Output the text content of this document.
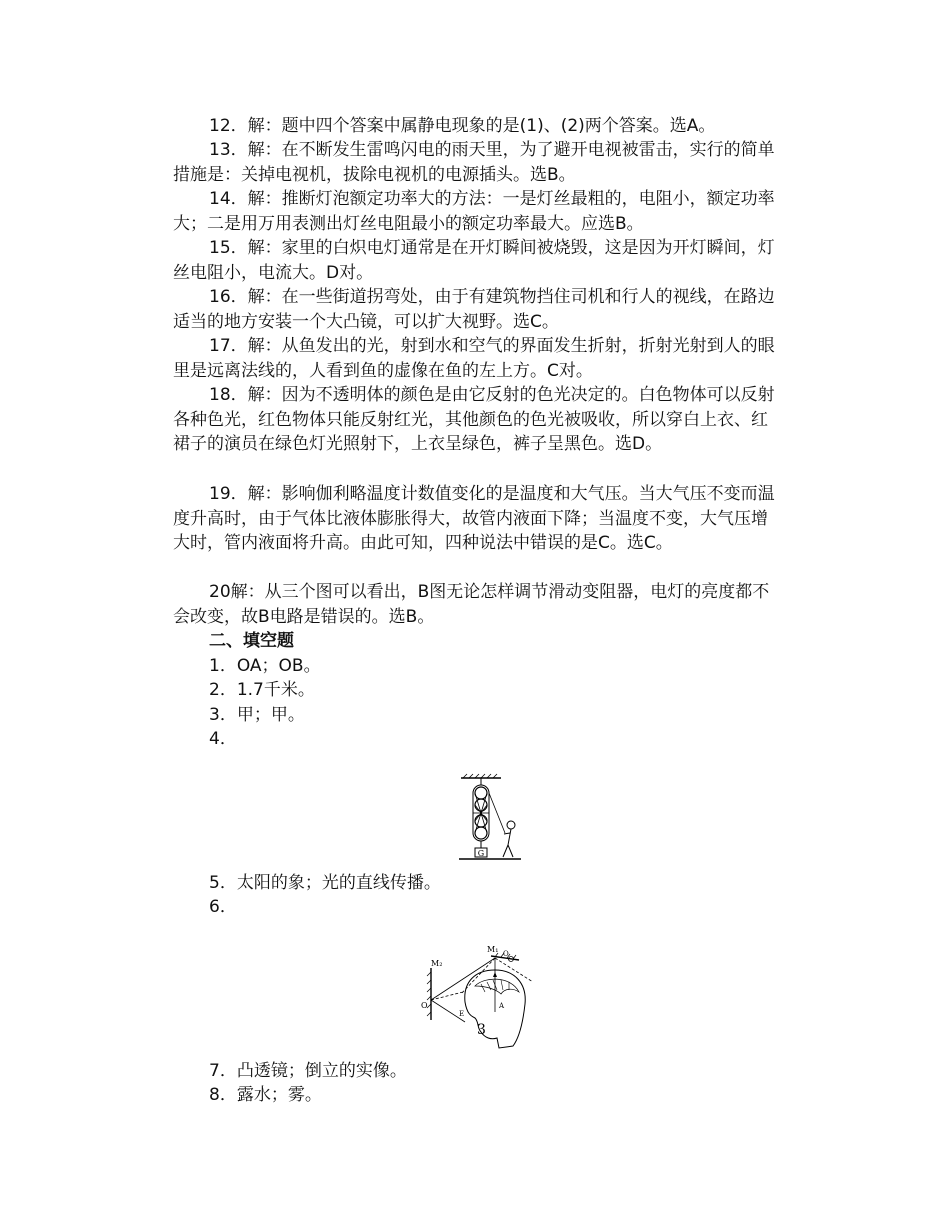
12．解：题中四个答案中属静电现象的是(1)、(2)两个答案。选A。

13．解：在不断发生雷鸣闪电的雨天里，为了避开电视被雷击，实行的简单措施是：关掉电视机，拔除电视机的电源插头。选B。

14．解：推断灯泡额定功率大的方法：一是灯丝最粗的，电阻小，额定功率大；二是用万用表测出灯丝电阻最小的额定功率最大。应选B。

15．解：家里的白炽电灯通常是在开灯瞬间被烧毁，这是因为开灯瞬间，灯丝电阻小，电流大。D对。

16．解：在一些街道拐弯处，由于有建筑物挡住司机和行人的视线，在路边适当的地方安装一个大凸镜，可以扩大视野。选C。

17．解：从鱼发出的光，射到水和空气的界面发生折射，折射光射到人的眼里是远离法线的，人看到鱼的虚像在鱼的左上方。C对。

18．解：因为不透明体的颜色是由它反射的色光决定的。白色物体可以反射各种色光，红色物体只能反射红光，其他颜色的色光被吸收，所以穿白上衣、红裙子的演员在绿色灯光照射下，上衣呈绿色，裤子呈黑色。选D。

19．解：影响伽利略温度计数值变化的是温度和大气压。当大气压不变而温度升高时，由于气体比液体膨胀得大，故管内液面下降；当温度不变，大气压增大时，管内液面将升高。由此可知，四种说法中错误的是C。选C。

20解：从三个图可以看出，B图无论怎样调节滑动变阻器，电灯的亮度都不会改变，故B电路是错误的。选B。

二、填空题

1．OA；OB。

2．1.7千米。

3．甲；甲。

4．

G

5．太阳的象；光的直线传播。

6．

M₁ O
M₂
O	A
E
3

7．凸透镜；倒立的实像。

8．露水；雾。
